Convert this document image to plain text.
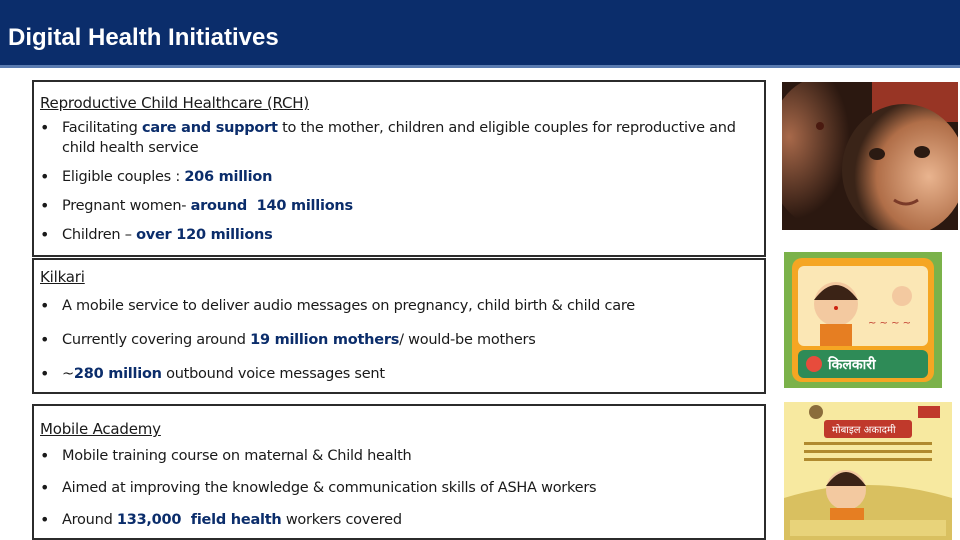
Digital Health Initiatives
Reproductive Child Healthcare (RCH)
• Facilitating care and support to the mother, children and eligible couples for reproductive and child health service
• Eligible couples : 206 million
• Pregnant women- around  140 millions
• Children – over 120 millions
Kilkari
• A mobile service to deliver audio messages on pregnancy, child birth & child care
• Currently covering around 19 million mothers/ would-be mothers
• ~280 million outbound voice messages sent
Mobile Academy
• Mobile training course on maternal & Child health
• Aimed at improving the knowledge & communication skills of ASHA workers
• Around 133,000  field health workers covered
~ ~ ~ ~
किलकारी
मोबाइल अकादमी
